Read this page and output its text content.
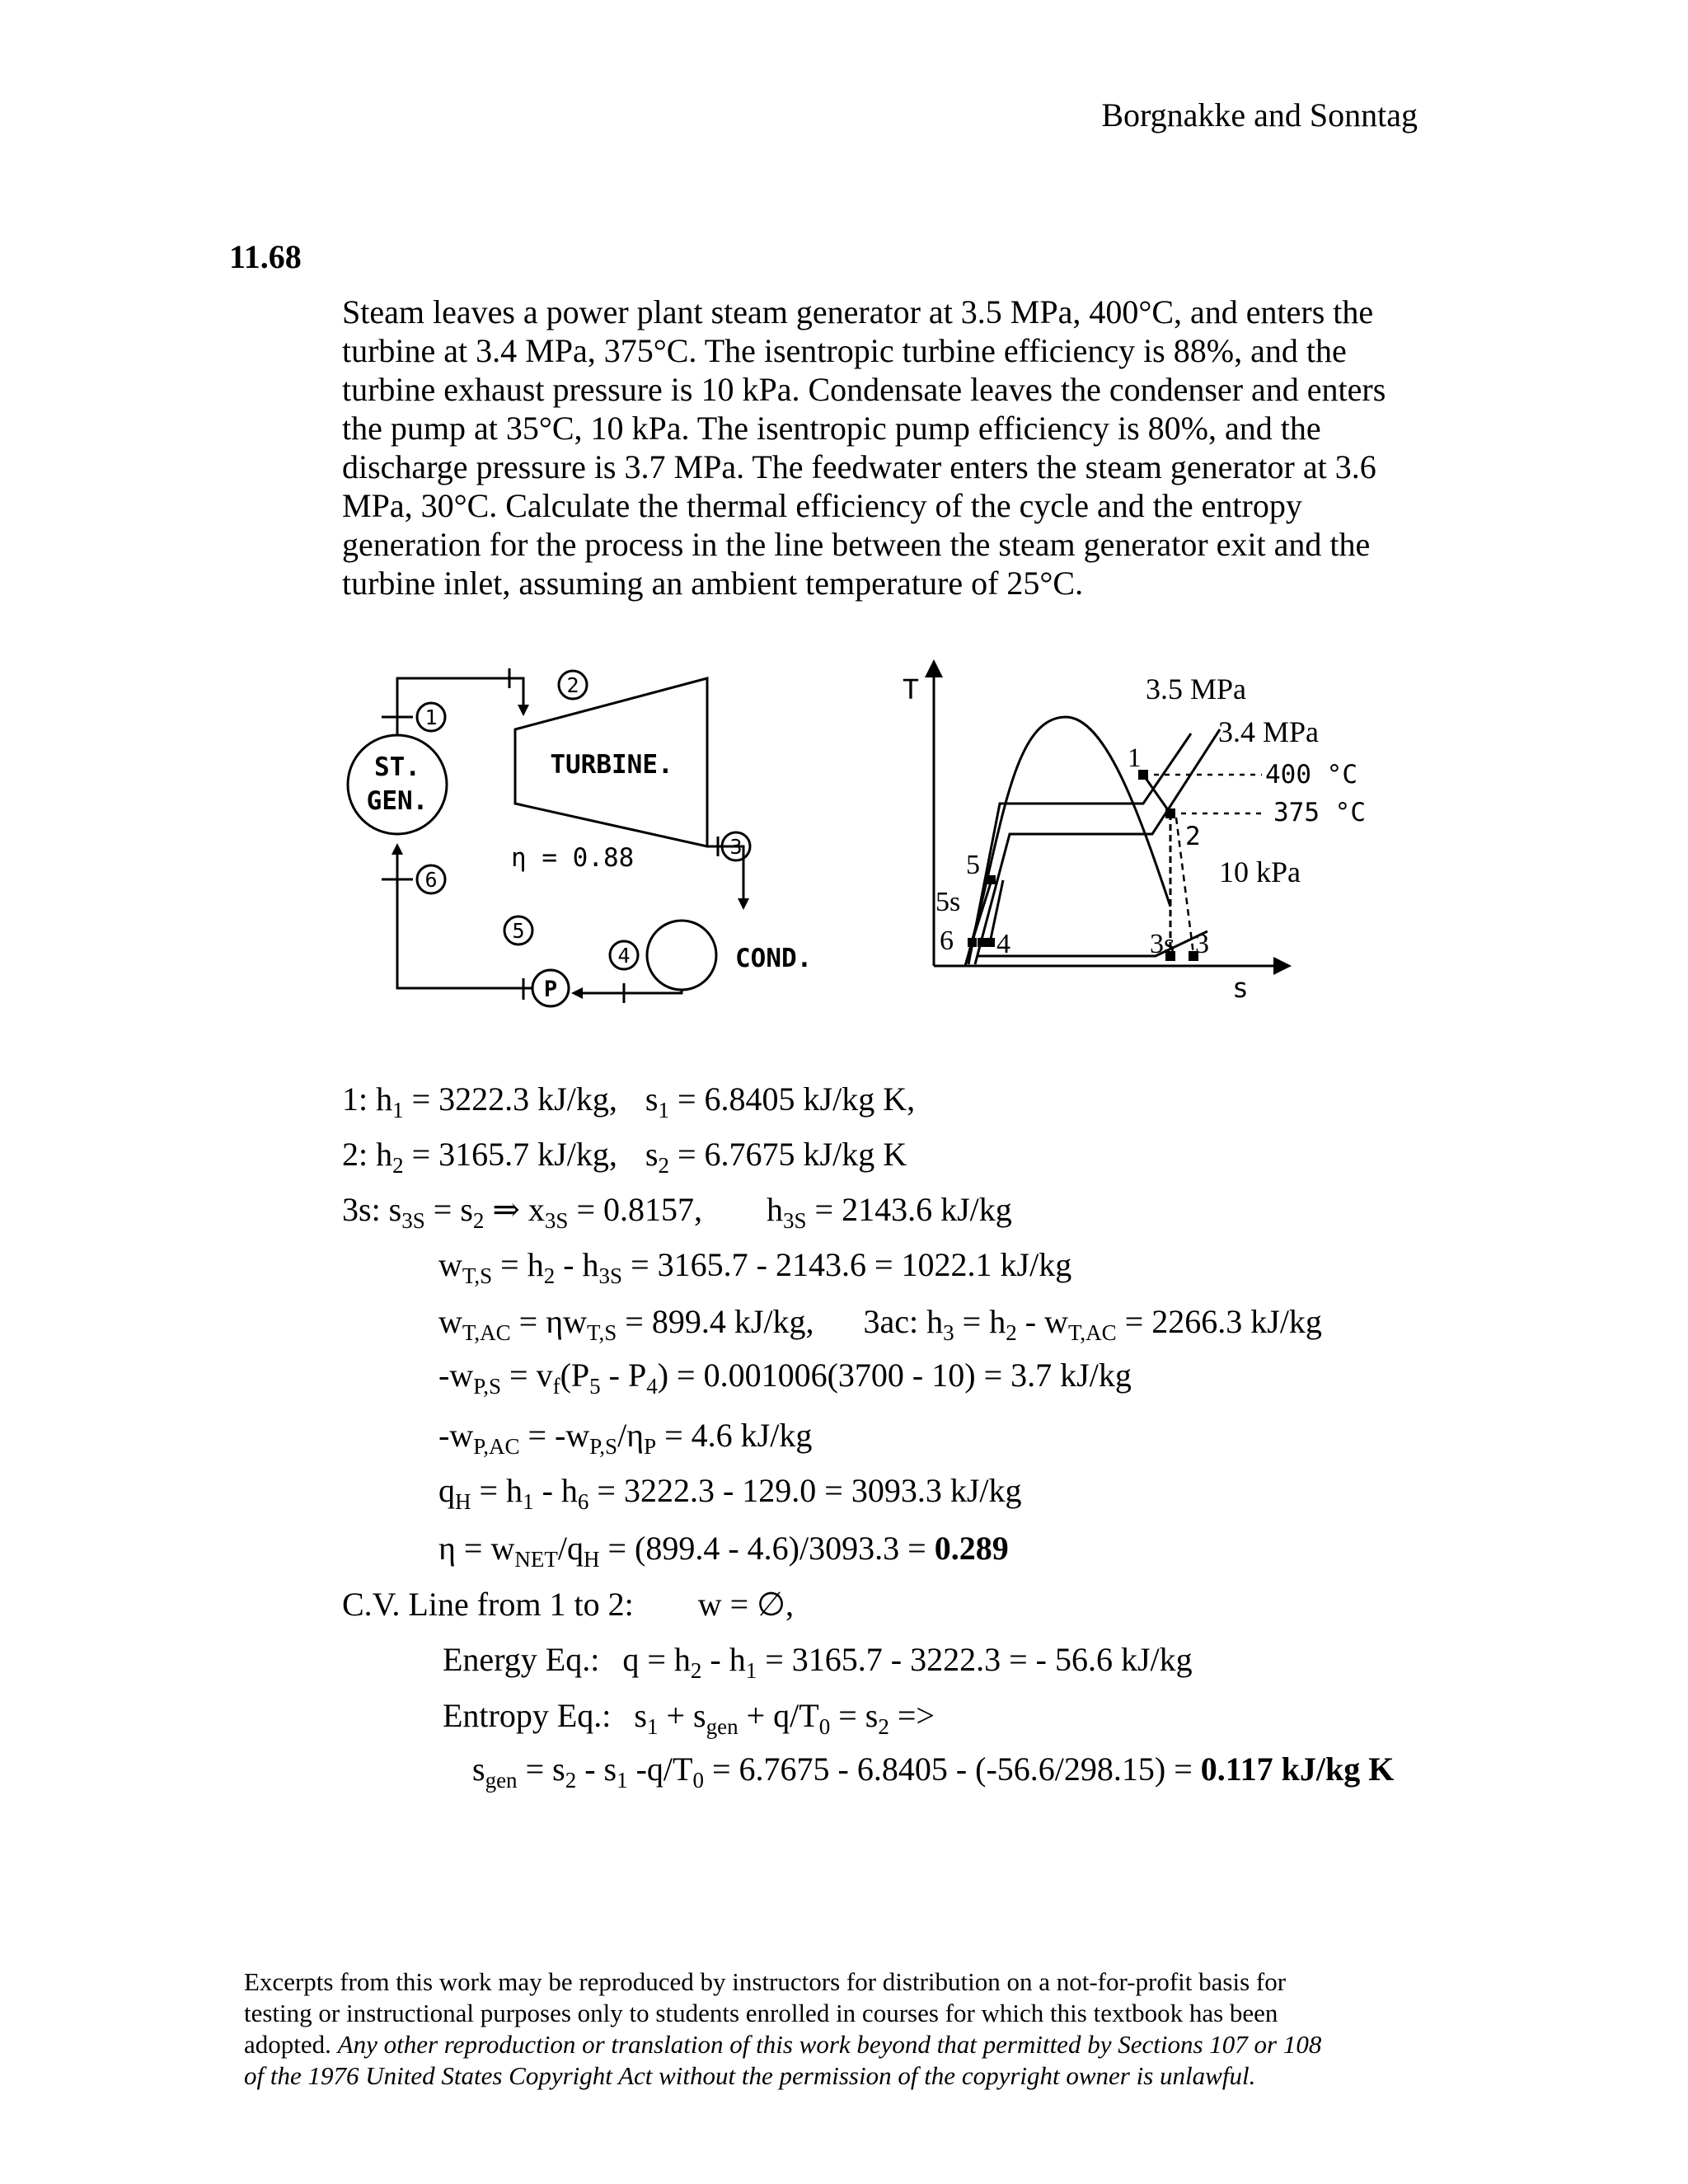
Borgnakke and Sonntag
11.68

Steam leaves a power plant steam generator at 3.5 MPa, 400°C, and enters the

turbine at 3.4 MPa, 375°C. The isentropic turbine efficiency is 88%, and the

turbine exhaust pressure is 10 kPa. Condensate leaves the condenser and enters

the pump at 35°C, 10 kPa. The isentropic pump efficiency is 80%, and the

discharge pressure is 3.7 MPa. The feedwater enters the steam generator at 3.6

MPa, 30°C. Calculate the thermal efficiency of the cycle and the entropy

generation for the process in the line between the steam generator exit and the

turbine inlet, assuming an ambient temperature of 25°C.

ST.
GEN.
TURBINE.
η = 0.88
COND.
P
1
2
3
4
5
6
T
s
3.5 MPa
3.4 MPa
400 °C
375 °C
10 kPa
1
2
5
5s
6 4	3s 3
1: $h_1 = 3222.3$ kJ/kg, $s_1 = 6.8405$ kJ/kg K,
2: $h_2 = 3165.7$ kJ/kg, $s_2 = 6.7675$ kJ/kg K
3s: $s_{3S} = s_2$ ⇒ $x_{3S} = 0.8157$, $h_{3S} = 2143.6$ kJ/kg
$w_{T,S} = h_2 - h_{3S} = 3165.7 - 2143.6 = 1022.1$ kJ/kg
$w_{T,AC} = \eta w_{T,S} = 899.4$ kJ/kg, 3ac: $h_3 = h_2 - w_{T,AC} = 2266.3$ kJ/kg
$-w_{P,S} = v_f(P_5 - P_4) = 0.001006(3700 - 10) = 3.7$ kJ/kg
$-w_{P,AC} = -w_{P,S}/\eta_P = 4.6$ kJ/kg
$q_H = h_1 - h_6 = 3222.3 - 129.0 = 3093.3$ kJ/kg
$\eta = w_{NET}/q_H = (899.4 - 4.6)/3093.3 = 0.289$
C.V. Line from 1 to 2: w = ∅,
Energy Eq.: $q = h_2 - h_1 = 3165.7 - 3222.3$ = - 56.6 kJ/kg
Entropy Eq.: $s_1 + s_{gen} + q/T_0 = s_2$ =>
$s_{gen} = s_2 - s_1$ $-q/T_0 = 6.7675 - 6.8405 - (-56.6/298.15) = 0.117$ kJ/kg K

Excerpts from this work may be reproduced by instructors for distribution on a not-for-profit basis for

testing or instructional purposes only to students enrolled in courses for which this textbook has been

adopted. Any other reproduction or translation of this work beyond that permitted by Sections 107 or 108

of the 1976 United States Copyright Act without the permission of the copyright owner is unlawful.
